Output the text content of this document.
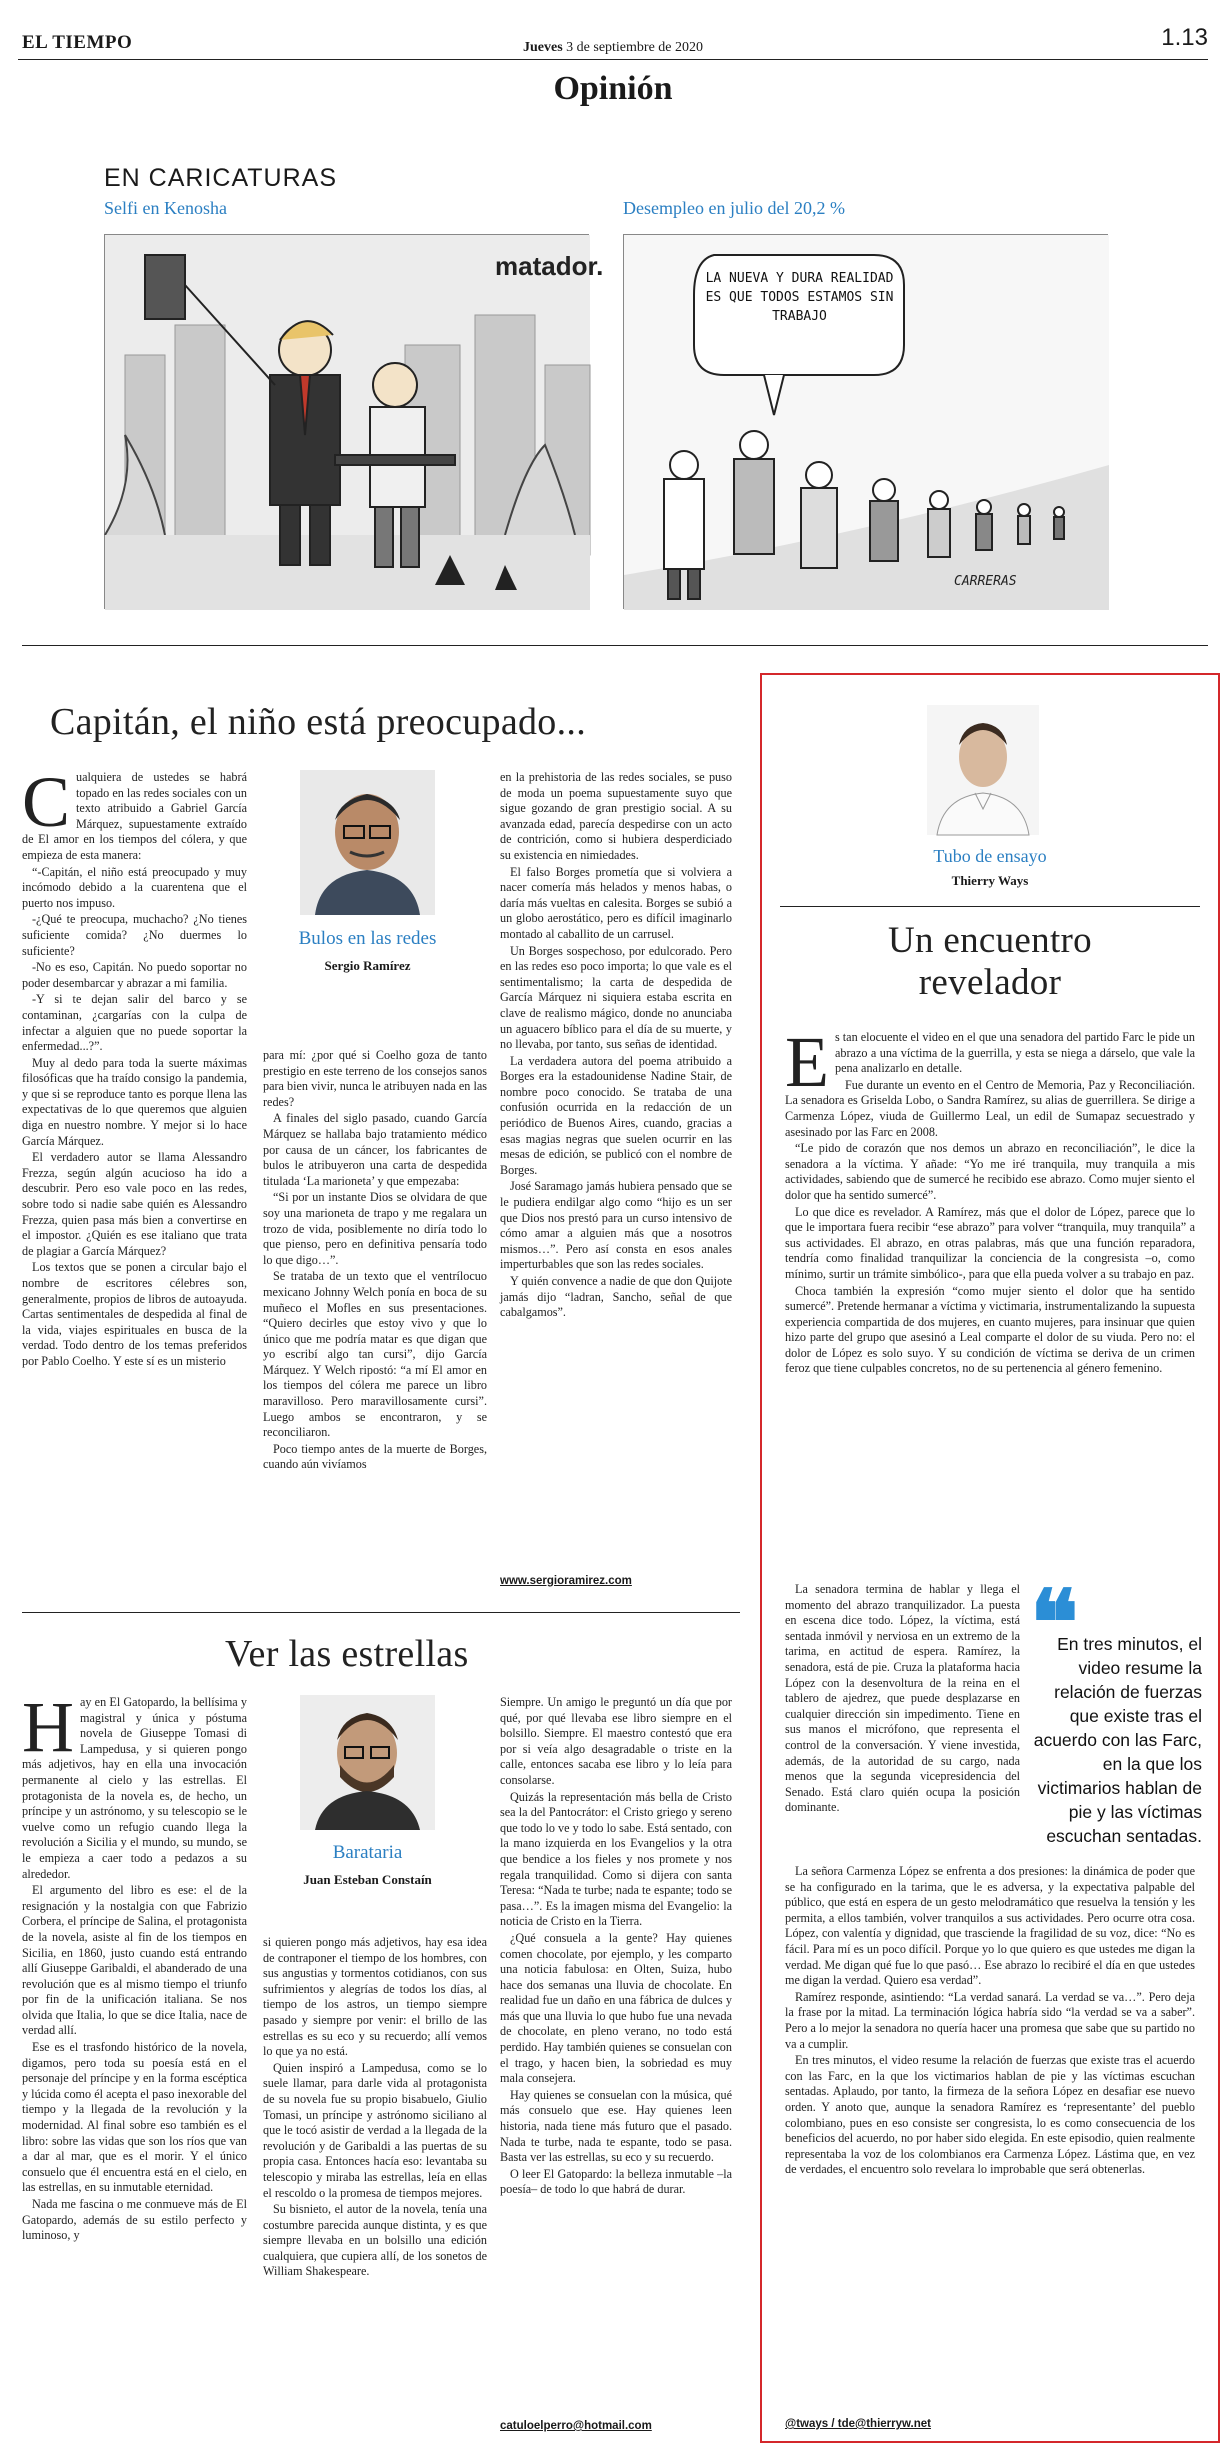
EL TIEMPO	Jueves 3 de septiembre de 2020	1.13
Opinión
EN CARICATURAS
Selfi en Kenosha	Desempleo en julio del 20,2 %
matador.	LA NUEVA Y DURA REALIDAD ES QUE TODOS ESTAMOS SIN TRABAJO
CARRERAS
Capitán, el niño está preocupado...

Cualquiera de ustedes se habrá topado en las redes sociales con un texto atribuido a Gabriel García Márquez, supuestamente extraído de El amor en los tiempos del cólera, y que empieza de esta manera:

“-Capitán, el niño está preocupado y muy incómodo debido a la cuarentena que el puerto nos impuso.

-¿Qué te preocupa, muchacho? ¿No tienes suficiente comida? ¿No duermes lo suficiente?

-No es eso, Capitán. No puedo soportar no poder desembarcar y abrazar a mi familia.

-Y si te dejan salir del barco y se contaminan, ¿cargarías con la culpa de infectar a alguien que no puede soportar la enfermedad...?”.

Muy al dedo para toda la suerte máximas filosóficas que ha traído consigo la pandemia, y que si se reproduce tanto es porque llena las expectativas de lo que queremos que alguien diga en nuestro nombre. Y mejor si lo hace García Márquez.

El verdadero autor se llama Alessandro Frezza, según algún acucioso ha ido a descubrir. Pero eso vale poco en las redes, sobre todo si nadie sabe quién es Alessandro Frezza, quien pasa más bien a convertirse en el impostor. ¿Quién es ese italiano que trata de plagiar a García Márquez?

Los textos que se ponen a circular bajo el nombre de escritores célebres son, generalmente, propios de libros de autoayuda. Cartas sentimentales de despedida al final de la vida, viajes espirituales en busca de la verdad. Todo dentro de los temas preferidos por Pablo Coelho. Y este sí es un misterio

Bulos en las redes
Sergio Ramírez

para mí: ¿por qué si Coelho goza de tanto prestigio en este terreno de los consejos sanos para bien vivir, nunca le atribuyen nada en las redes?

A finales del siglo pasado, cuando García Márquez se hallaba bajo tratamiento médico por causa de un cáncer, los fabricantes de bulos le atribuyeron una carta de despedida titulada ‘La marioneta’ y que empezaba:

“Si por un instante Dios se olvidara de que soy una marioneta de trapo y me regalara un trozo de vida, posiblemente no diría todo lo que pienso, pero en definitiva pensaría todo lo que digo…”.

Se trataba de un texto que el ventrílocuo mexicano Johnny Welch ponía en boca de su muñeco el Mofles en sus presentaciones. “Quiero decirles que estoy vivo y que lo único que me podría matar es que digan que yo escribí algo tan cursi”, dijo García Márquez. Y Welch ripostó: “a mí El amor en los tiempos del cólera me parece un libro maravilloso. Pero maravillosamente cursi”. Luego ambos se encontraron, y se reconciliaron.

Poco tiempo antes de la muerte de Borges, cuando aún vivíamos

en la prehistoria de las redes sociales, se puso de moda un poema supuestamente suyo que sigue gozando de gran prestigio social. A su avanzada edad, parecía despedirse con un acto de contrición, como si hubiera desperdiciado su existencia en nimiedades.

El falso Borges prometía que si volviera a nacer comería más helados y menos habas, o daría más vueltas en calesita. Borges se subió a un globo aerostático, pero es difícil imaginarlo montado al caballito de un carrusel.

Un Borges sospechoso, por edulcorado. Pero en las redes eso poco importa; lo que vale es el sentimentalismo; la carta de despedida de García Márquez ni siquiera estaba escrita en clave de realismo mágico, donde no anunciaba un aguacero bíblico para el día de su muerte, y no llevaba, por tanto, sus señas de identidad.

La verdadera autora del poema atribuido a Borges era la estadounidense Nadine Stair, de nombre poco conocido. Se trataba de una confusión ocurrida en la redacción de un periódico de Buenos Aires, cuando, gracias a esas magias negras que suelen ocurrir en las mesas de edición, se publicó con el nombre de Borges.

José Saramago jamás hubiera pensado que se le pudiera endilgar algo como “hijo es un ser que Dios nos prestó para un curso intensivo de cómo amar a alguien más que a nosotros mismos…”. Pero así consta en esos anales imperturbables que son las redes sociales.

Y quién convence a nadie de que don Quijote jamás dijo “ladran, Sancho, señal de que cabalgamos”.

www.sergioramirez.com
Ver las estrellas

Hay en El Gatopardo, la bellísima y magistral y única y póstuma novela de Giuseppe Tomasi di Lampedusa, y si quieren pongo más adjetivos, hay en ella una invocación permanente al cielo y las estrellas. El protagonista de la novela es, de hecho, un príncipe y un astrónomo, y su telescopio se le vuelve como un refugio cuando llega la revolución a Sicilia y el mundo, su mundo, se le empieza a caer todo a pedazos a su alrededor.

El argumento del libro es ese: el de la resignación y la nostalgia con que Fabrizio Corbera, el príncipe de Salina, el protagonista de la novela, asiste al fin de los tiempos en Sicilia, en 1860, justo cuando está entrando allí Giuseppe Garibaldi, el abanderado de una revolución que es al mismo tiempo el triunfo por fin de la unificación italiana. Se nos olvida que Italia, lo que se dice Italia, nace de verdad allí.

Ese es el trasfondo histórico de la novela, digamos, pero toda su poesía está en el personaje del príncipe y en la forma escéptica y lúcida como él acepta el paso inexorable del tiempo y la llegada de la revolución y la modernidad. Al final sobre eso también es el libro: sobre las vidas que son los ríos que van a dar al mar, que es el morir. Y el único consuelo que él encuentra está en el cielo, en las estrellas, en su inmutable eternidad.

Nada me fascina o me conmueve más de El Gatopardo, además de su estilo perfecto y luminoso, y

Barataria
Juan Esteban Constaín

si quieren pongo más adjetivos, hay esa idea de contraponer el tiempo de los hombres, con sus angustias y tormentos cotidianos, con sus sufrimientos y alegrías de todos los días, al tiempo de los astros, un tiempo siempre pasado y siempre por venir: el brillo de las estrellas es su eco y su recuerdo; allí vemos lo que ya no está.

Quien inspiró a Lampedusa, como se lo suele llamar, para darle vida al protagonista de su novela fue su propio bisabuelo, Giulio Tomasi, un príncipe y astrónomo siciliano al que le tocó asistir de verdad a la llegada de la revolución y de Garibaldi a las puertas de su propia casa. Entonces hacía eso: levantaba su telescopio y miraba las estrellas, leía en ellas el rescoldo o la promesa de tiempos mejores.

Su bisnieto, el autor de la novela, tenía una costumbre parecida aunque distinta, y es que siempre llevaba en un bolsillo una edición cualquiera, que cupiera allí, de los sonetos de William Shakespeare.

Siempre. Un amigo le preguntó un día que por qué, por qué llevaba ese libro siempre en el bolsillo. Siempre. El maestro contestó que era por si veía algo desagradable o triste en la calle, entonces sacaba ese libro y lo leía para consolarse.

Quizás la representación más bella de Cristo sea la del Pantocrátor: el Cristo griego y sereno que todo lo ve y todo lo sabe. Está sentado, con la mano izquierda en los Evangelios y la otra que bendice a los fieles y nos promete y nos regala tranquilidad. Como si dijera con santa Teresa: “Nada te turbe; nada te espante; todo se pasa…”. Es la imagen misma del Evangelio: la noticia de Cristo en la Tierra.

¿Qué consuela a la gente? Hay quienes comen chocolate, por ejemplo, y les comparto una noticia fabulosa: en Olten, Suiza, hubo hace dos semanas una lluvia de chocolate. En realidad fue un daño en una fábrica de dulces y más que una lluvia lo que hubo fue una nevada de chocolate, en pleno verano, no todo está perdido. Hay también quienes se consuelan con el trago, y hacen bien, la sobriedad es muy mala consejera.

Hay quienes se consuelan con la música, qué más consuelo que ese. Hay quienes leen historia, nada tiene más futuro que el pasado. Nada te turbe, nada te espante, todo se pasa. Basta ver las estrellas, su eco y su recuerdo.

O leer El Gatopardo: la belleza inmutable –la poesía– de todo lo que habrá de durar.

catuloelperro@hotmail.com
Tubo de ensayo
Thierry Ways
Un encuentro
revelador

Es tan elocuente el video en el que una senadora del partido Farc le pide un abrazo a una víctima de la guerrilla, y esta se niega a dárselo, que vale la pena analizarlo en detalle.

Fue durante un evento en el Centro de Memoria, Paz y Reconciliación. La senadora es Griselda Lobo, o Sandra Ramírez, su alias de guerrillera. Se dirige a Carmenza López, viuda de Guillermo Leal, un edil de Sumapaz secuestrado y asesinado por las Farc en 2008.

“Le pido de corazón que nos demos un abrazo en reconciliación”, le dice la senadora a la víctima. Y añade: “Yo me iré tranquila, muy tranquila a mis actividades, sabiendo que de sumercé he recibido ese abrazo. Como mujer siento el dolor que ha sentido sumercé”.

Lo que dice es revelador. A Ramírez, más que el dolor de López, parece que lo que le importara fuera recibir “ese abrazo” para volver “tranquila, muy tranquila” a sus actividades. El abrazo, en otras palabras, más que una función reparadora, tendría como finalidad tranquilizar la conciencia de la congresista –o, como mínimo, surtir un trámite simbólico-, para que ella pueda volver a su trabajo en paz.

Choca también la expresión “como mujer siento el dolor que ha sentido sumercé”. Pretende hermanar a víctima y victimaria, instrumentalizando la supuesta experiencia compartida de dos mujeres, en cuanto mujeres, para insinuar que quien hizo parte del grupo que asesinó a Leal comparte el dolor de su viuda. Pero no: el dolor de López es solo suyo. Y su condición de víctima se deriva de un crimen feroz que tiene culpables concretos, no de su pertenencia al género femenino.

La senadora termina de hablar y llega el momento del abrazo tranquilizador. La puesta en escena dice todo. López, la víctima, está sentada inmóvil y nerviosa en un extremo de la tarima, en actitud de espera. Ramírez, la senadora, está de pie. Cruza la plataforma hacia López con la desenvoltura de la reina en el tablero de ajedrez, que puede desplazarse en cualquier dirección sin impedimento. Tiene en sus manos el micrófono, que representa el control de la conversación. Y viene investida, además, de la autoridad de su cargo, nada menos que la segunda vicepresidencia del Senado. Está claro quién ocupa la posición dominante.

❝
En tres minutos, el video resume la relación de fuerzas que existe tras el acuerdo con las Farc, en la que los victimarios hablan de pie y las víctimas escuchan sentadas.

La señora Carmenza López se enfrenta a dos presiones: la dinámica de poder que se ha configurado en la tarima, que le es adversa, y la expectativa palpable del público, que está en espera de un gesto melodramático que resuelva la tensión y les permita, a ellos también, volver tranquilos a sus actividades. Pero ocurre otra cosa. López, con valentía y dignidad, que trasciende la fragilidad de su voz, dice: “No es fácil. Para mí es un poco difícil. Porque yo lo que quiero es que ustedes me digan la verdad. Me digan qué fue lo que pasó… Ese abrazo lo recibiré el día en que ustedes me digan la verdad. Quiero esa verdad”.

Ramírez responde, asintiendo: “La verdad sanará. La verdad se va…”. Pero deja la frase por la mitad. La terminación lógica habría sido “la verdad se va a saber”. Pero a lo mejor la senadora no quería hacer una promesa que sabe que su partido no va a cumplir.

En tres minutos, el video resume la relación de fuerzas que existe tras el acuerdo con las Farc, en la que los victimarios hablan de pie y las víctimas escuchan sentadas. Aplaudo, por tanto, la firmeza de la señora López en desafiar ese nuevo orden. Y anoto que, aunque la senadora Ramírez es ‘representante’ del pueblo colombiano, pues en eso consiste ser congresista, lo es como consecuencia de los beneficios del acuerdo, no por haber sido elegida. En este episodio, quien realmente representaba la voz de los colombianos era Carmenza López. Lástima que, en vez de verdades, el encuentro solo revelara lo improbable que será obtenerlas.

@tways / tde@thierryw.net
